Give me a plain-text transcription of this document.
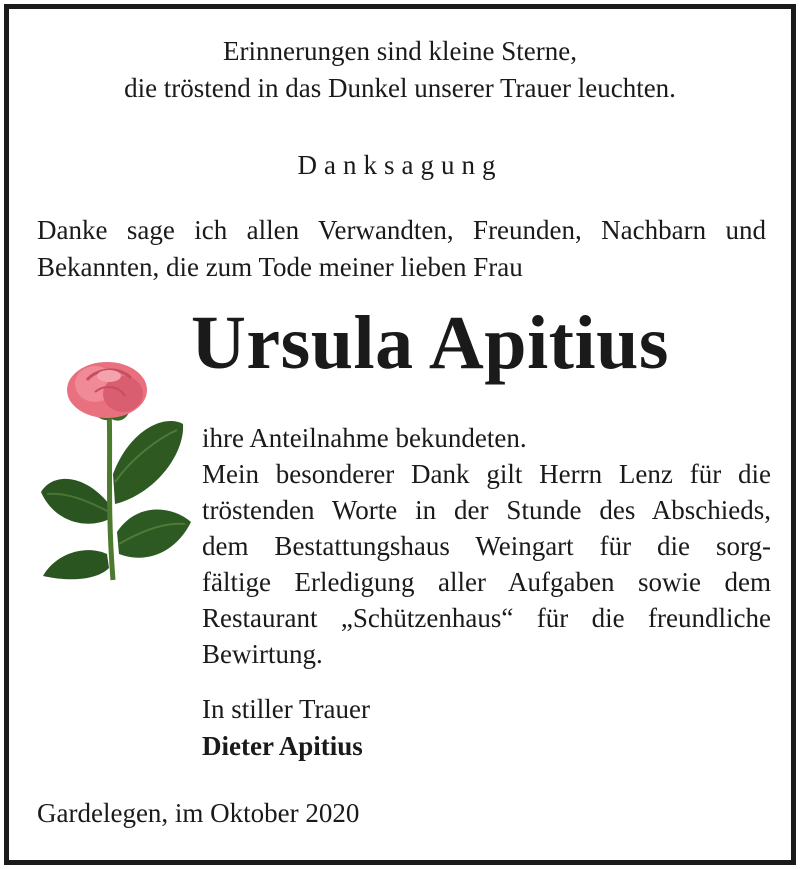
Erinnerungen sind kleine Sterne,
die tröstend in das Dunkel unserer Trauer leuchten.
Danksagung
Danke sage ich allen Verwandten, Freunden, Nachbarn und
Bekannten, die zum Tode meiner lieben Frau
Ursula Apitius
ihre Anteilnahme bekundeten.
Mein besonderer Dank gilt Herrn Lenz für die
tröstenden Worte in der Stunde des Abschieds,
dem Bestattungshaus Weingart für die sorg-
fältige Erledigung aller Aufgaben sowie dem
Restaurant „Schützenhaus“ für die freundliche
Bewirtung.
In stiller Trauer
Dieter Apitius
Gardelegen, im Oktober 2020
